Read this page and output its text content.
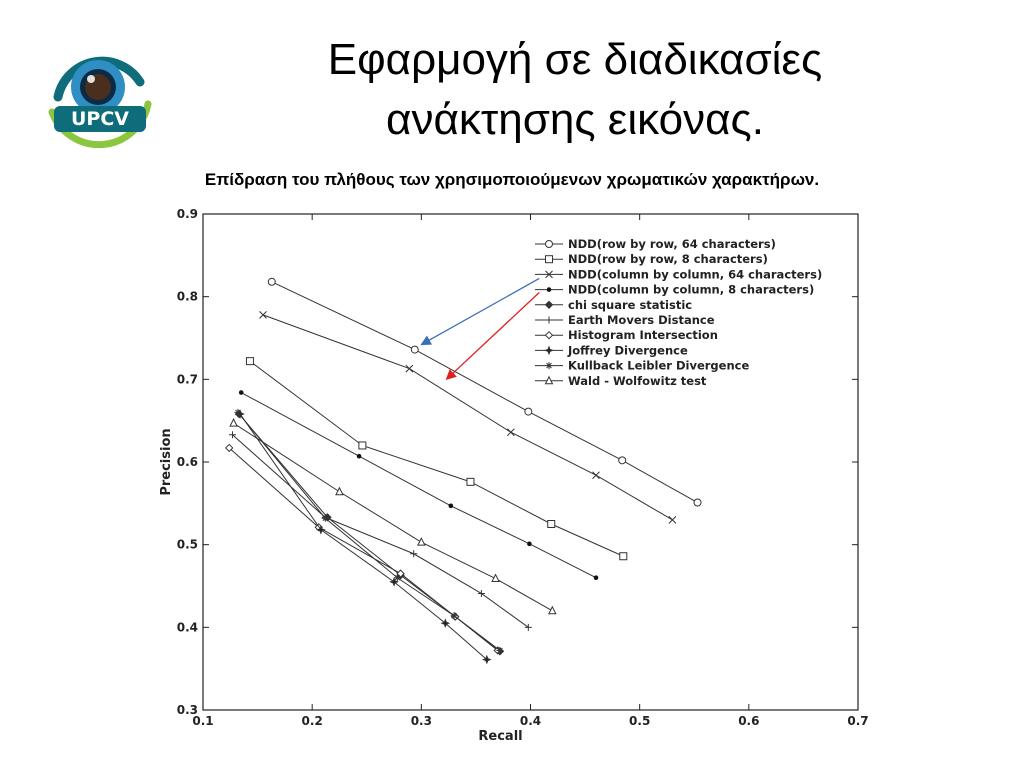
UPCV
Εφαρμογή σε διαδικασίες
ανάκτησης εικόνας.
Επίδραση του πλήθους των χρησιμοποιούμενων χρωματικών χαρακτήρων.
0.1	0.2	0.3	0.4	0.5	0.6	0.7
0.3
0.4
0.5
0.6
0.7
0.8
0.9
Recall
Precision
NDD(row by row, 64 characters)
NDD(row by row, 8 characters)
NDD(column by column, 64 characters)
NDD(column by column, 8 characters)
chi square statistic
Earth Movers Distance
Histogram Intersection
Joffrey Divergence
Kullback Leibler Divergence
Wald - Wolfowitz test
